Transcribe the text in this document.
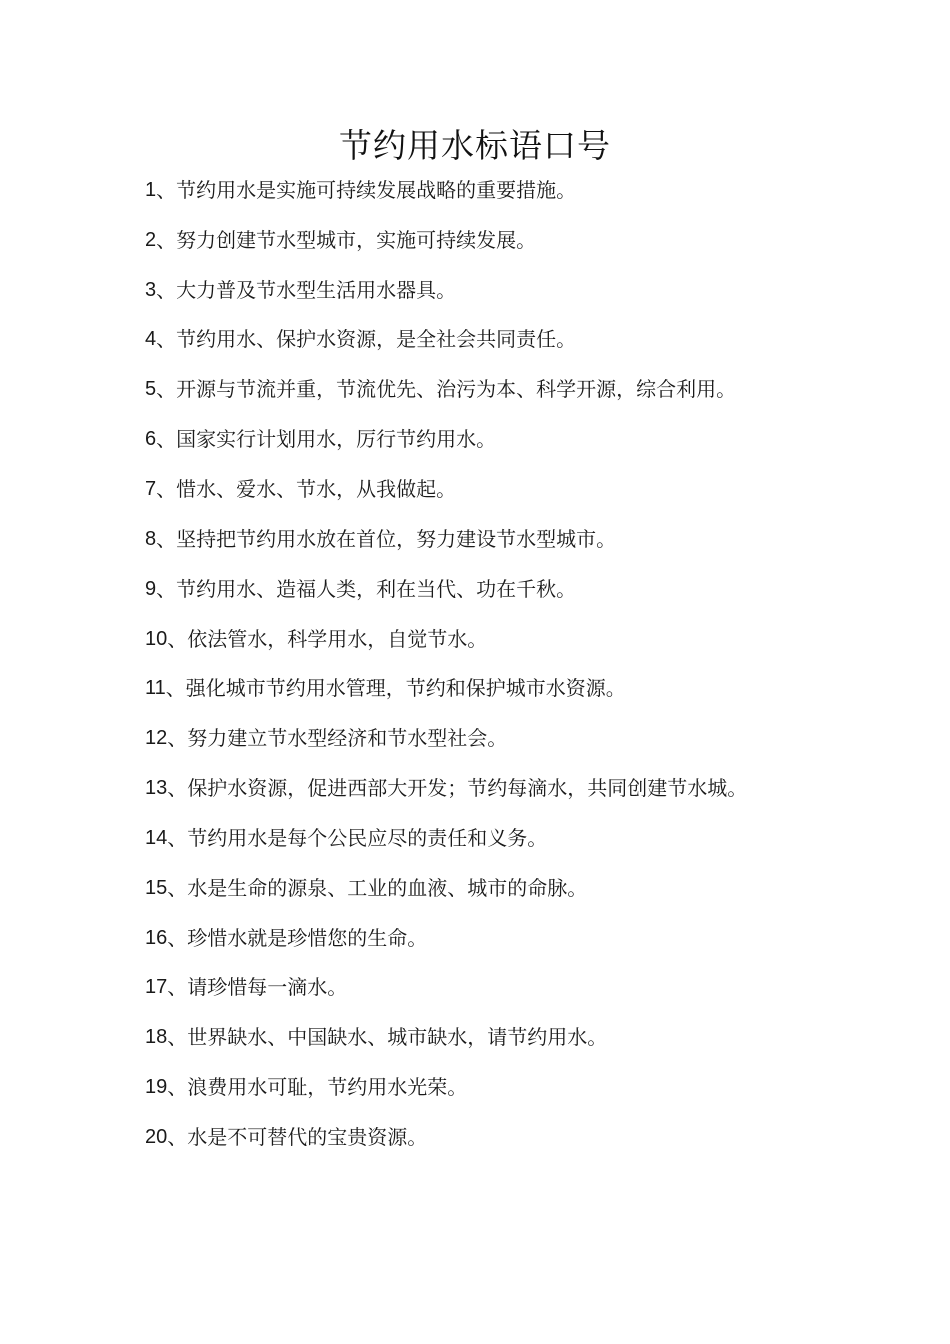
节约用水标语口号
1 、 节约用水是实施可持续发展战略的重要措施。
2 、 努力创建节水型城市，实施可持续发展。
3 、 大力普及节水型生活用水器具。
4 、 节约用水、保护水资源，是全社会共同责任。
5 、 开源与节流并重，节流优先、治污为本、科学开源，综合利用。
6 、 国家实行计划用水，厉行节约用水。
7 、 惜水、爱水、节水，从我做起。
8 、 坚持把节约用水放在首位，努力建设节水型城市。
9 、 节约用水、造福人类，利在当代、功在千秋。
10 、 依法管水，科学用水，自觉节水。
11 、 强化城市节约用水管理，节约和保护城市水资源。
12 、 努力建立节水型经济和节水型社会。
13 、 保护水资源，促进西部大开发；节约每滴水，共同创建节水城。
14 、 节约用水是每个公民应尽的责任和义务。
15 、 水是生命的源泉、工业的血液、城市的命脉。
16 、 珍惜水就是珍惜您的生命。
17 、 请珍惜每一滴水。
18 、 世界缺水、中国缺水、城市缺水，请节约用水。
19 、 浪费用水可耻，节约用水光荣。
20 、 水是不可替代的宝贵资源。
